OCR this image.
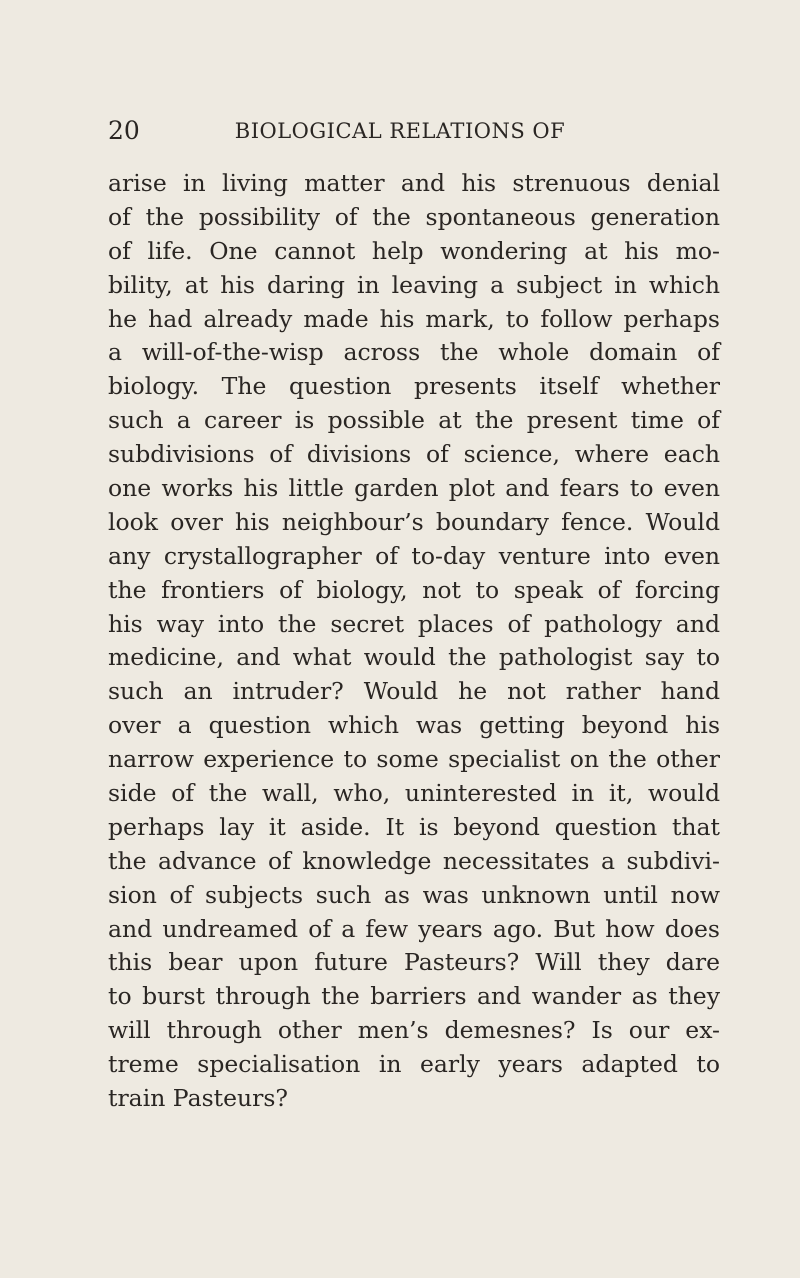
20	BIOLOGICAL RELATIONS OF

arise in living matter and his strenuous denial
of the possibility of the spontaneous generation
of life. One cannot help wondering at his mo-
bility, at his daring in leaving a subject in which
he had already made his mark, to follow perhaps
a will-of-the-wisp across the whole domain of
biology. The question presents itself whether
such a career is possible at the present time of
subdivisions of divisions of science, where each
one works his little garden plot and fears to even
look over his neighbour’s boundary fence. Would
any crystallographer of to-day venture into even
the frontiers of biology, not to speak of forcing
his way into the secret places of pathology and
medicine, and what would the pathologist say to
such an intruder? Would he not rather hand
over a question which was getting beyond his
narrow experience to some specialist on the other
side of the wall, who, uninterested in it, would
perhaps lay it aside. It is beyond question that
the advance of knowledge necessitates a subdivi-
sion of subjects such as was unknown until now
and undreamed of a few years ago. But how does
this bear upon future Pasteurs? Will they dare
to burst through the barriers and wander as they
will through other men’s demesnes? Is our ex-
treme specialisation in early years adapted to
train Pasteurs?
